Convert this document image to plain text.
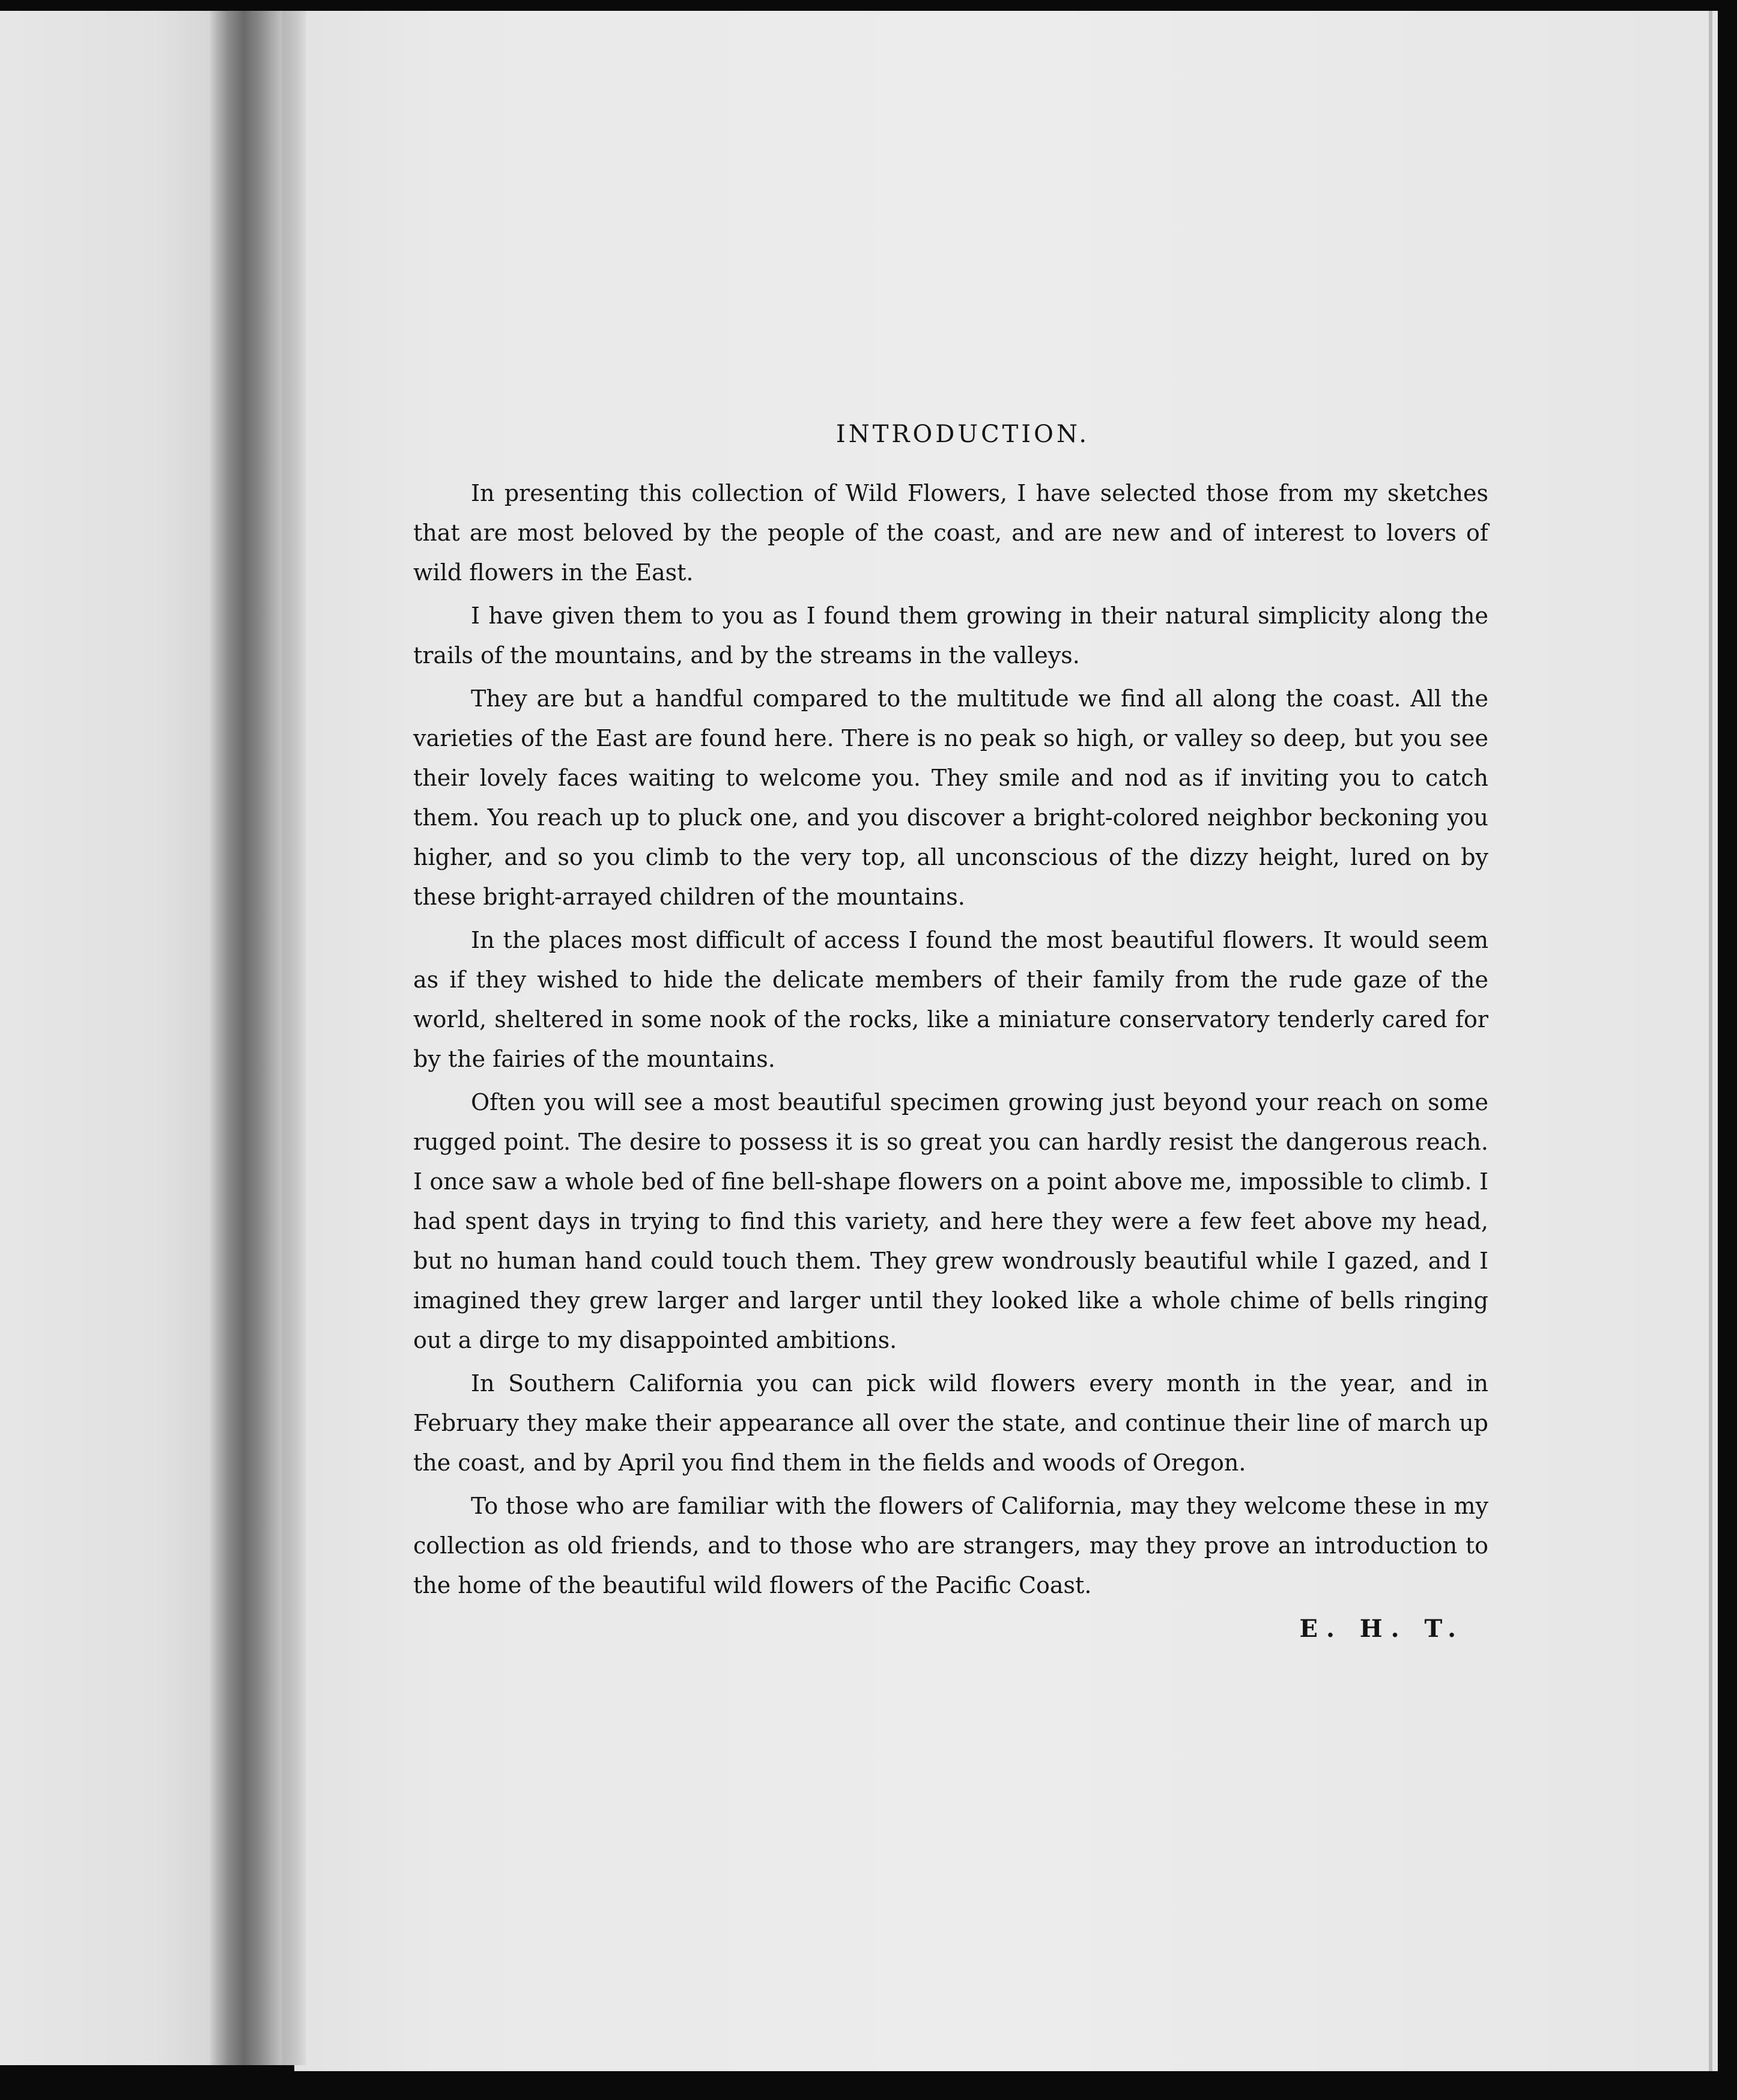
INTRODUCTION.

In presenting this collection of Wild Flowers, I have selected those from my sketches that are most beloved by the people of the coast, and are new and of interest to lovers of wild flowers in the East.

I have given them to you as I found them growing in their natural simplicity along the trails of the mountains, and by the streams in the valleys.

They are but a handful compared to the multitude we find all along the coast. All the varieties of the East are found here. There is no peak so high, or valley so deep, but you see their lovely faces waiting to welcome you. They smile and nod as if inviting you to catch them. You reach up to pluck one, and you discover a bright-colored neighbor beckoning you higher, and so you climb to the very top, all unconscious of the dizzy height, lured on by these bright-arrayed children of the mountains.

In the places most difficult of access I found the most beautiful flowers. It would seem as if they wished to hide the delicate members of their family from the rude gaze of the world, sheltered in some nook of the rocks, like a miniature conservatory tenderly cared for by the fairies of the mountains.

Often you will see a most beautiful specimen growing just beyond your reach on some rugged point. The desire to possess it is so great you can hardly resist the dangerous reach. I once saw a whole bed of fine bell-shape flowers on a point above me, impossible to climb. I had spent days in trying to find this variety, and here they were a few feet above my head, but no human hand could touch them. They grew wondrously beautiful while I gazed, and I imagined they grew larger and larger until they looked like a whole chime of bells ringing out a dirge to my disappointed ambitions.

In Southern California you can pick wild flowers every month in the year, and in February they make their appearance all over the state, and continue their line of march up the coast, and by April you find them in the fields and woods of Oregon.

To those who are familiar with the flowers of California, may they welcome these in my collection as old friends, and to those who are strangers, may they prove an introduction to the home of the beautiful wild flowers of the Pacific Coast.

E. H. T.
